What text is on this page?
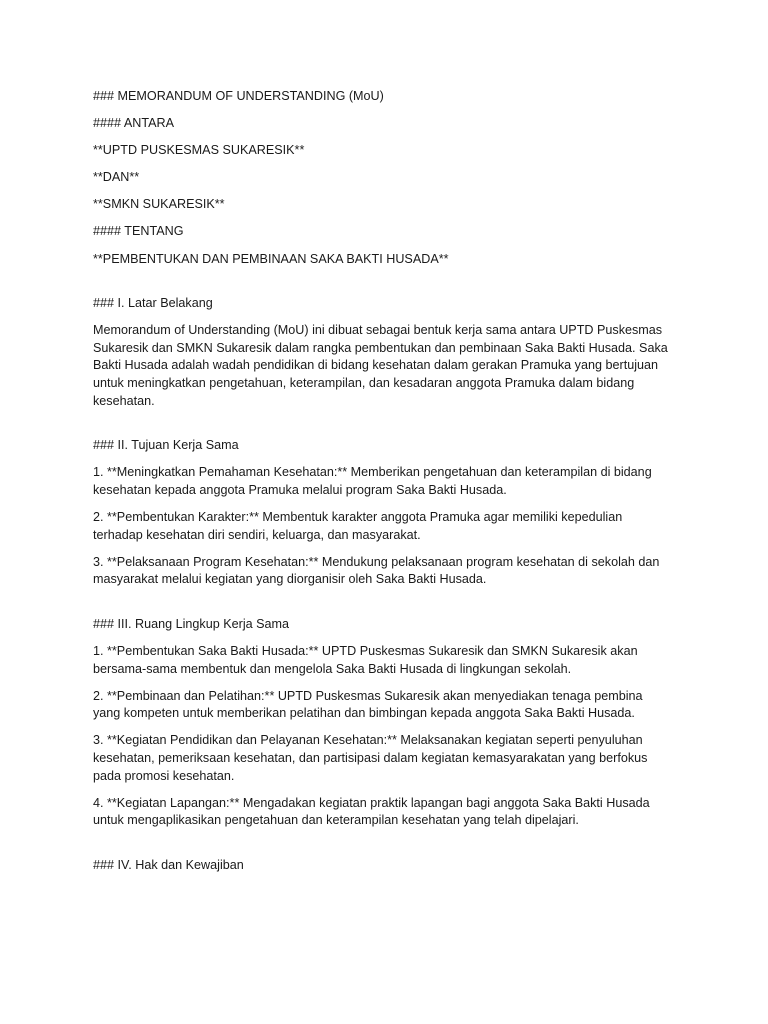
### MEMORANDUM OF UNDERSTANDING (MoU)

#### ANTARA

**UPTD PUSKESMAS SUKARESIK**

**DAN**

**SMKN SUKARESIK**

#### TENTANG

**PEMBENTUKAN DAN PEMBINAAN SAKA BAKTI HUSADA**

### I. Latar Belakang

Memorandum of Understanding (MoU) ini dibuat sebagai bentuk kerja sama antara UPTD Puskesmas Sukaresik dan SMKN Sukaresik dalam rangka pembentukan dan pembinaan Saka Bakti Husada. Saka Bakti Husada adalah wadah pendidikan di bidang kesehatan dalam gerakan Pramuka yang bertujuan untuk meningkatkan pengetahuan, keterampilan, dan kesadaran anggota Pramuka dalam bidang kesehatan.

### II. Tujuan Kerja Sama

1. **Meningkatkan Pemahaman Kesehatan:** Memberikan pengetahuan dan keterampilan di bidang kesehatan kepada anggota Pramuka melalui program Saka Bakti Husada.

2. **Pembentukan Karakter:** Membentuk karakter anggota Pramuka agar memiliki kepedulian terhadap kesehatan diri sendiri, keluarga, dan masyarakat.

3. **Pelaksanaan Program Kesehatan:** Mendukung pelaksanaan program kesehatan di sekolah dan masyarakat melalui kegiatan yang diorganisir oleh Saka Bakti Husada.

### III. Ruang Lingkup Kerja Sama

1. **Pembentukan Saka Bakti Husada:** UPTD Puskesmas Sukaresik dan SMKN Sukaresik akan bersama-sama membentuk dan mengelola Saka Bakti Husada di lingkungan sekolah.

2. **Pembinaan dan Pelatihan:** UPTD Puskesmas Sukaresik akan menyediakan tenaga pembina yang kompeten untuk memberikan pelatihan dan bimbingan kepada anggota Saka Bakti Husada.

3. **Kegiatan Pendidikan dan Pelayanan Kesehatan:** Melaksanakan kegiatan seperti penyuluhan kesehatan, pemeriksaan kesehatan, dan partisipasi dalam kegiatan kemasyarakatan yang berfokus pada promosi kesehatan.

4. **Kegiatan Lapangan:** Mengadakan kegiatan praktik lapangan bagi anggota Saka Bakti Husada untuk mengaplikasikan pengetahuan dan keterampilan kesehatan yang telah dipelajari.

### IV. Hak dan Kewajiban
